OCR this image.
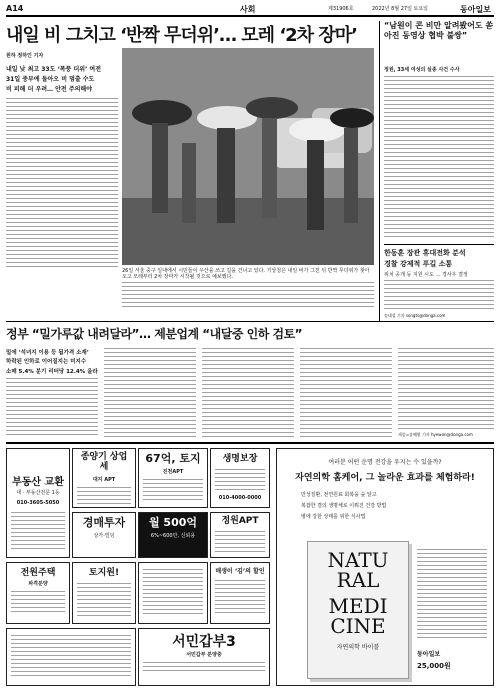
A14	사회	제31906호	2022년 8월 27일 토요일	동아일보
내일 비 그치고 ‘반짝 무더위’… 모레 ‘2차 장마’
원하 정하인 기자
내일 낮 최고 33도 ‘폭풍 더위’ 여전
31일 중부에 돌아오 비 멈출 수도
비 피해 더 우려… 안전 주의해야
26일 서울 중구 일대에서 시민들이 우산을 쓰고 길을 건너고 있다. 기상청은 내일 비가 그친 뒤 반짝 무더위가 찾아오고 모레부터 2차 장마가 시작될 것으로 예보했다.
“남원이 콘 비만 알려봤어도 쏟아진 동영상 협박 불쌍”
정원, 33세 여성의 실종 사건 수사
한동훈 장관 휴대전화 분석
경찰 강제적 푸길 소통
위치 공개 등 지원 시도 … 경사우 결정
송태섭 기자 songts@donga.com
정부 “밀가루값 내려달라”… 제분업계 “내달중 인하 검토”
밀에 ‘석녀지 이용 등 됩가격 소재’
하락된 인하로 이어질지는 미지수
소매 5.4% 분기 리터당 12.4% 올라
세종=송혜원 기자 hyewon@donga.com
부동산 교환
대 · 부동산전문 1등
010-3605-5050
종양기 상업세
대지 APT
67억, 토지
진천APT
경매투자
상가·빌딩
월 500억
6%~600만, 신뢰용
생명보장
010-4000-0000
정원APT
전원주택
파격분양
토지원!	매생이 ‘김’의 할인
서민갑부3
서민갑부 분양중
여러분 어떤 운명 전강을 우지는 수 있을까?
자연의학 홈케어, 그 놀라운 효과를 체험하라!
만성질환, 천연원료 회복을 숲 알고
복잡한 결의 생명체로 이뤄진 건강 방법
병에 강한 상태를 위한 식사법
NATU
RAL
MEDI
CINE
자연의학 바이블
동아일보
25,000원
